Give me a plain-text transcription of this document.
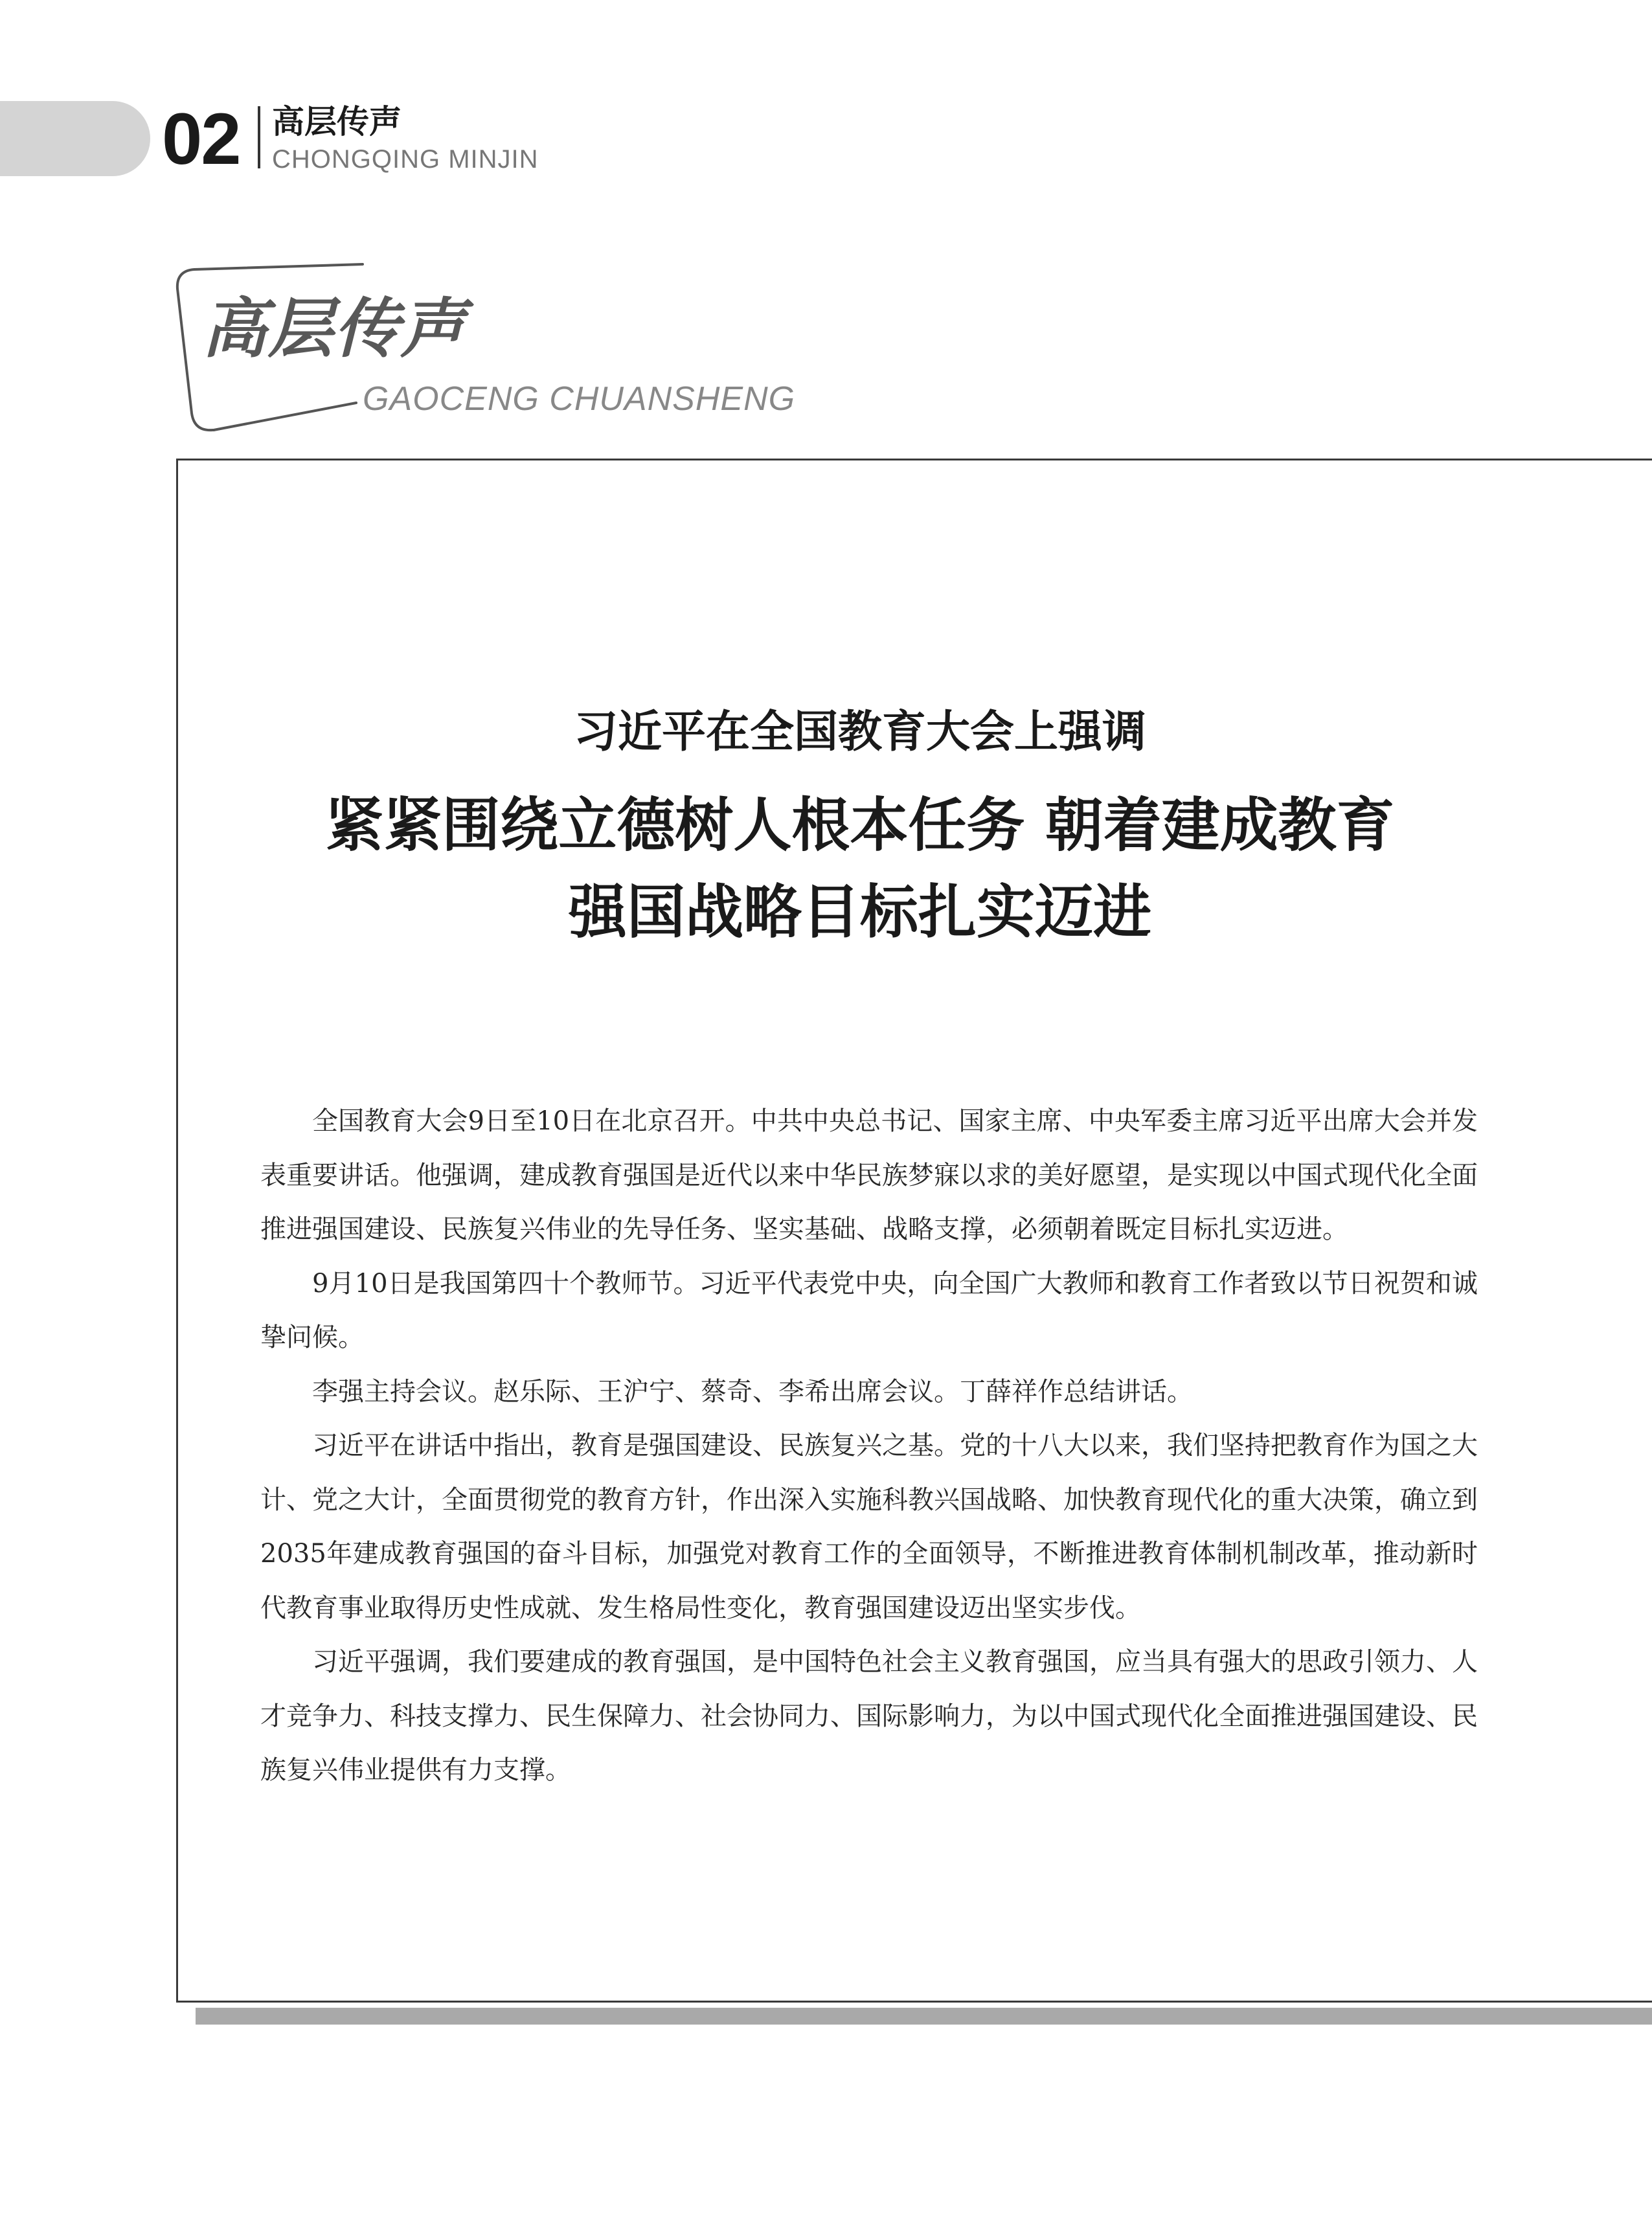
02 高层传声
CHONGQING MINJIN
高层传声
GAOCENG CHUANSHENG
习近平在全国教育大会上强调
紧紧围绕立德树人根本任务 朝着建成教育
强国战略目标扎实迈进

全国教育大会9日至10日在北京召开。中共中央总书记、国家主席、中央军委主席习近平出席大会并发表重要讲话。他强调，建成教育强国是近代以来中华民族梦寐以求的美好愿望，是实现以中国式现代化全面推进强国建设、民族复兴伟业的先导任务、坚实基础、战略支撑，必须朝着既定目标扎实迈进。

9月10日是我国第四十个教师节。习近平代表党中央，向全国广大教师和教育工作者致以节日祝贺和诚挚问候。

李强主持会议。赵乐际、王沪宁、蔡奇、李希出席会议。丁薛祥作总结讲话。

习近平在讲话中指出，教育是强国建设、民族复兴之基。党的十八大以来，我们坚持把教育作为国之大计、党之大计，全面贯彻党的教育方针，作出深入实施科教兴国战略、加快教育现代化的重大决策，确立到2035年建成教育强国的奋斗目标，加强党对教育工作的全面领导，不断推进教育体制机制改革，推动新时代教育事业取得历史性成就、发生格局性变化，教育强国建设迈出坚实步伐。

习近平强调，我们要建成的教育强国，是中国特色社会主义教育强国，应当具有强大的思政引领力、人才竞争力、科技支撑力、民生保障力、社会协同力、国际影响力，为以中国式现代化全面推进强国建设、民族复兴伟业提供有力支撑。
